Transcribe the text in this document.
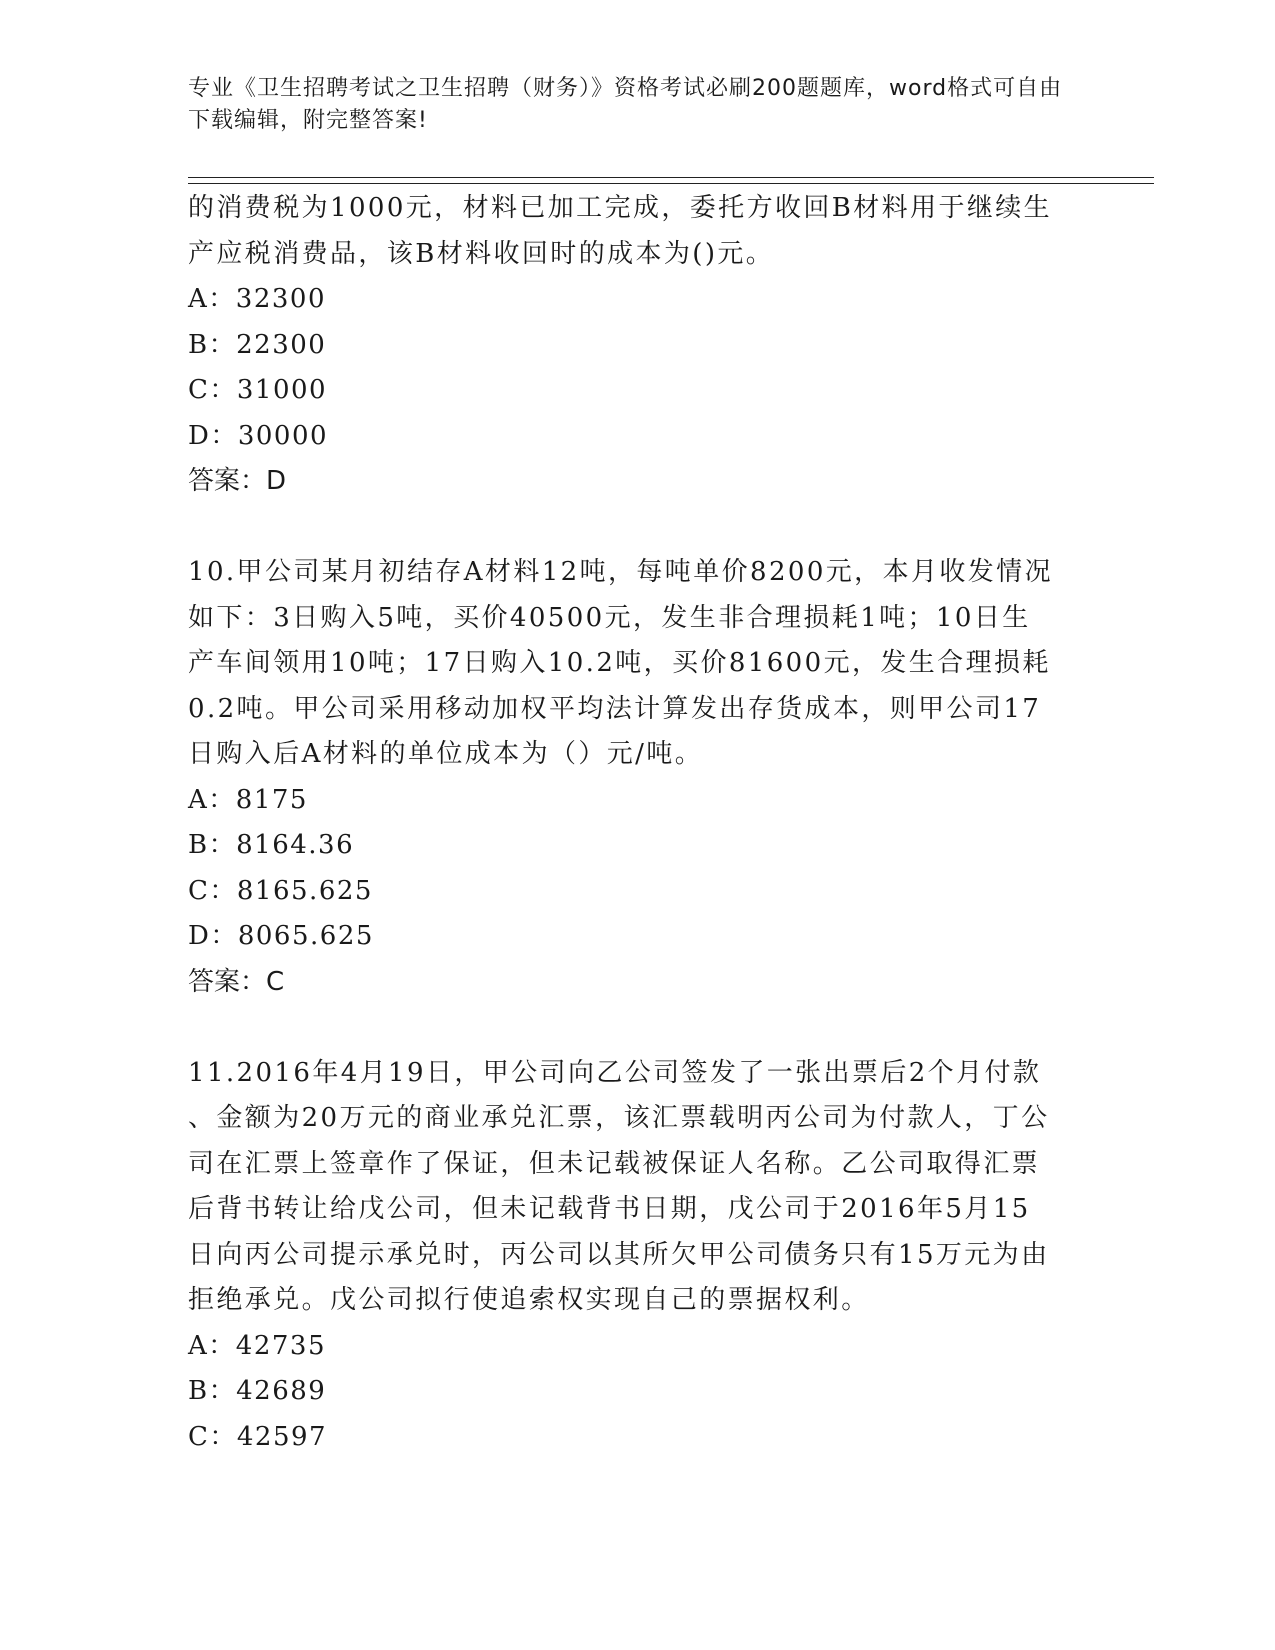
专业《卫生招聘考试之卫生招聘（财务）》资格考试必刷200题题库，word格式可自由下载编辑，附完整答案!

的消费税为1000元，材料已加工完成，委托方收回B材料用于继续生

产应税消费品，该B材料收回时的成本为()元。

A：32300

B：22300

C：31000

D：30000

答案：D

10.甲公司某月初结存A材料12吨，每吨单价8200元，本月收发情况

如下：3日购入5吨，买价40500元，发生非合理损耗1吨；10日生

产车间领用10吨；17日购入10.2吨，买价81600元，发生合理损耗

0.2吨。甲公司采用移动加权平均法计算发出存货成本，则甲公司17

日购入后A材料的单位成本为（）元/吨。

A：8175

B：8164.36

C：8165.625

D：8065.625

答案：C

11.2016年4月19日，甲公司向乙公司签发了一张出票后2个月付款

、金额为20万元的商业承兑汇票，该汇票载明丙公司为付款人，丁公

司在汇票上签章作了保证，但未记载被保证人名称。乙公司取得汇票

后背书转让给戊公司，但未记载背书日期，戊公司于2016年5月15

日向丙公司提示承兑时，丙公司以其所欠甲公司债务只有15万元为由

拒绝承兑。戊公司拟行使追索权实现自己的票据权利。

A：42735

B：42689

C：42597
